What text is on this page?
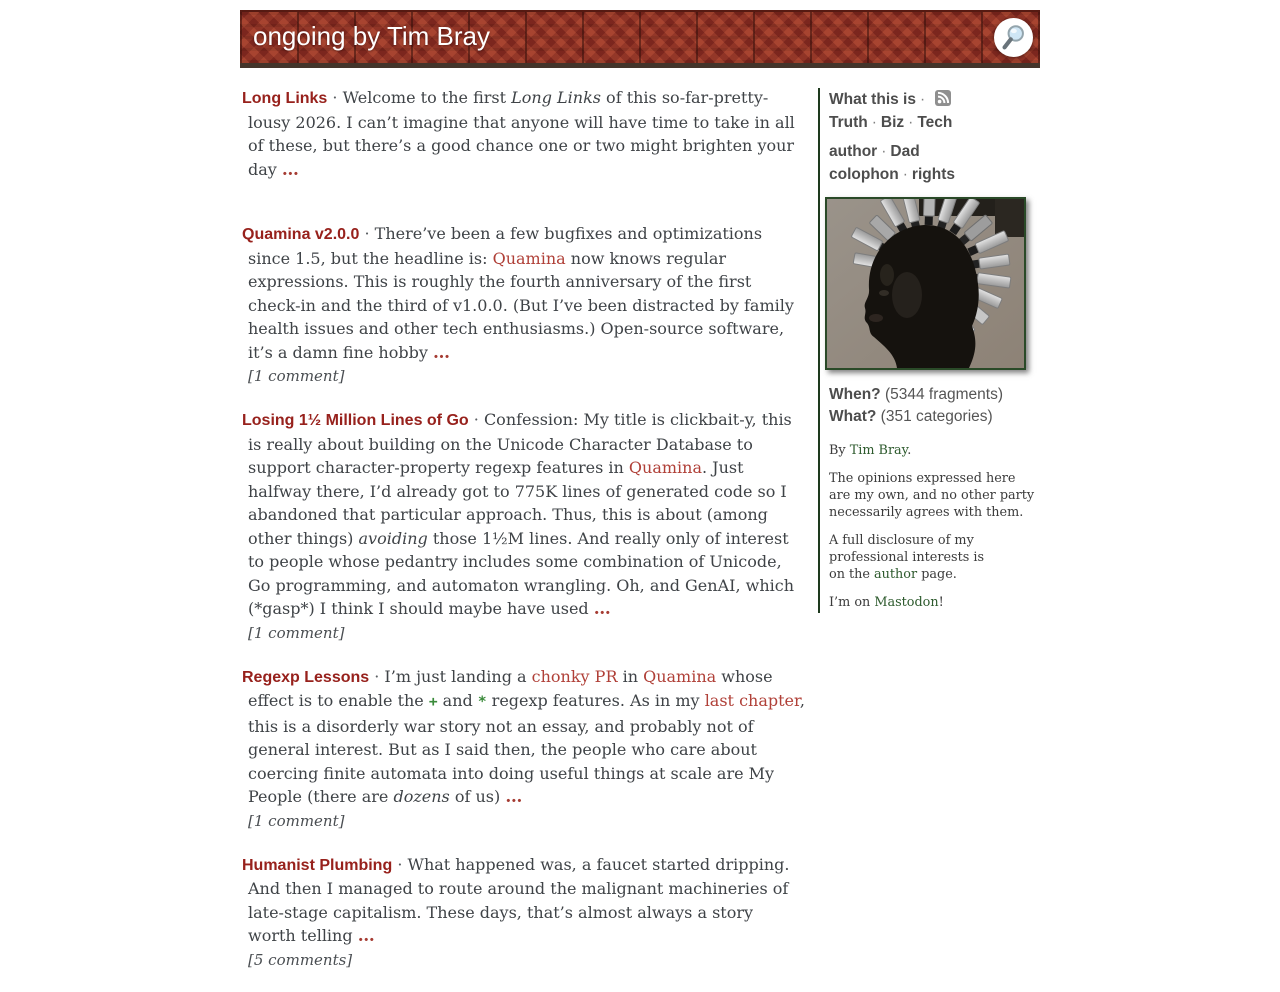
ongoing by Tim Bray

Long Links · Welcome to the first Long Links of this so-far-pretty-lousy 2026. I can’t imagine that anyone will have time to take in all of these, but there’s a good chance one or two might brighten your day …

Quamina v2.0.0 · There’ve been a few bugfixes and optimizations since 1.5, but the headline is: Quamina now knows regular expressions. This is roughly the fourth anniversary of the first check-in and the third of v1.0.0. (But I’ve been distracted by family health issues and other tech enthusiasms.) Open-source software, it’s a damn fine hobby …

[1 comment]

Losing 1½ Million Lines of Go · Confession: My title is clickbait-y, this is really about building on the Unicode Character Database to support character-property regexp features in Quamina. Just halfway there, I’d already got to 775K lines of generated code so I abandoned that particular approach. Thus, this is about (among other things) avoiding those 1½M lines. And really only of interest to people whose pedantry includes some combination of Unicode, Go programming, and automaton wrangling. Oh, and GenAI, which (*gasp*) I think I should maybe have used …

[1 comment]

Regexp Lessons · I’m just landing a chonky PR in Quamina whose effect is to enable the + and * regexp features. As in my last chapter, this is a disorderly war story not an essay, and probably not of general interest. But as I said then, the people who care about coercing finite automata into doing useful things at scale are My People (there are dozens of us) …

[1 comment]

Humanist Plumbing · What happened was, a faucet started dripping. And then I managed to route around the malignant machineries of late-stage capitalism. These days, that’s almost always a story worth telling …

[5 comments]
What this is ·
Truth · Biz · Tech
author · Dad
colophon · rights
When? (5344 fragments)
What? (351 categories)

By Tim Bray.

The opinions expressed here
are my own, and no other party
necessarily agrees with them.

A full disclosure of my
professional interests is
on the author page.

I’m on Mastodon!
